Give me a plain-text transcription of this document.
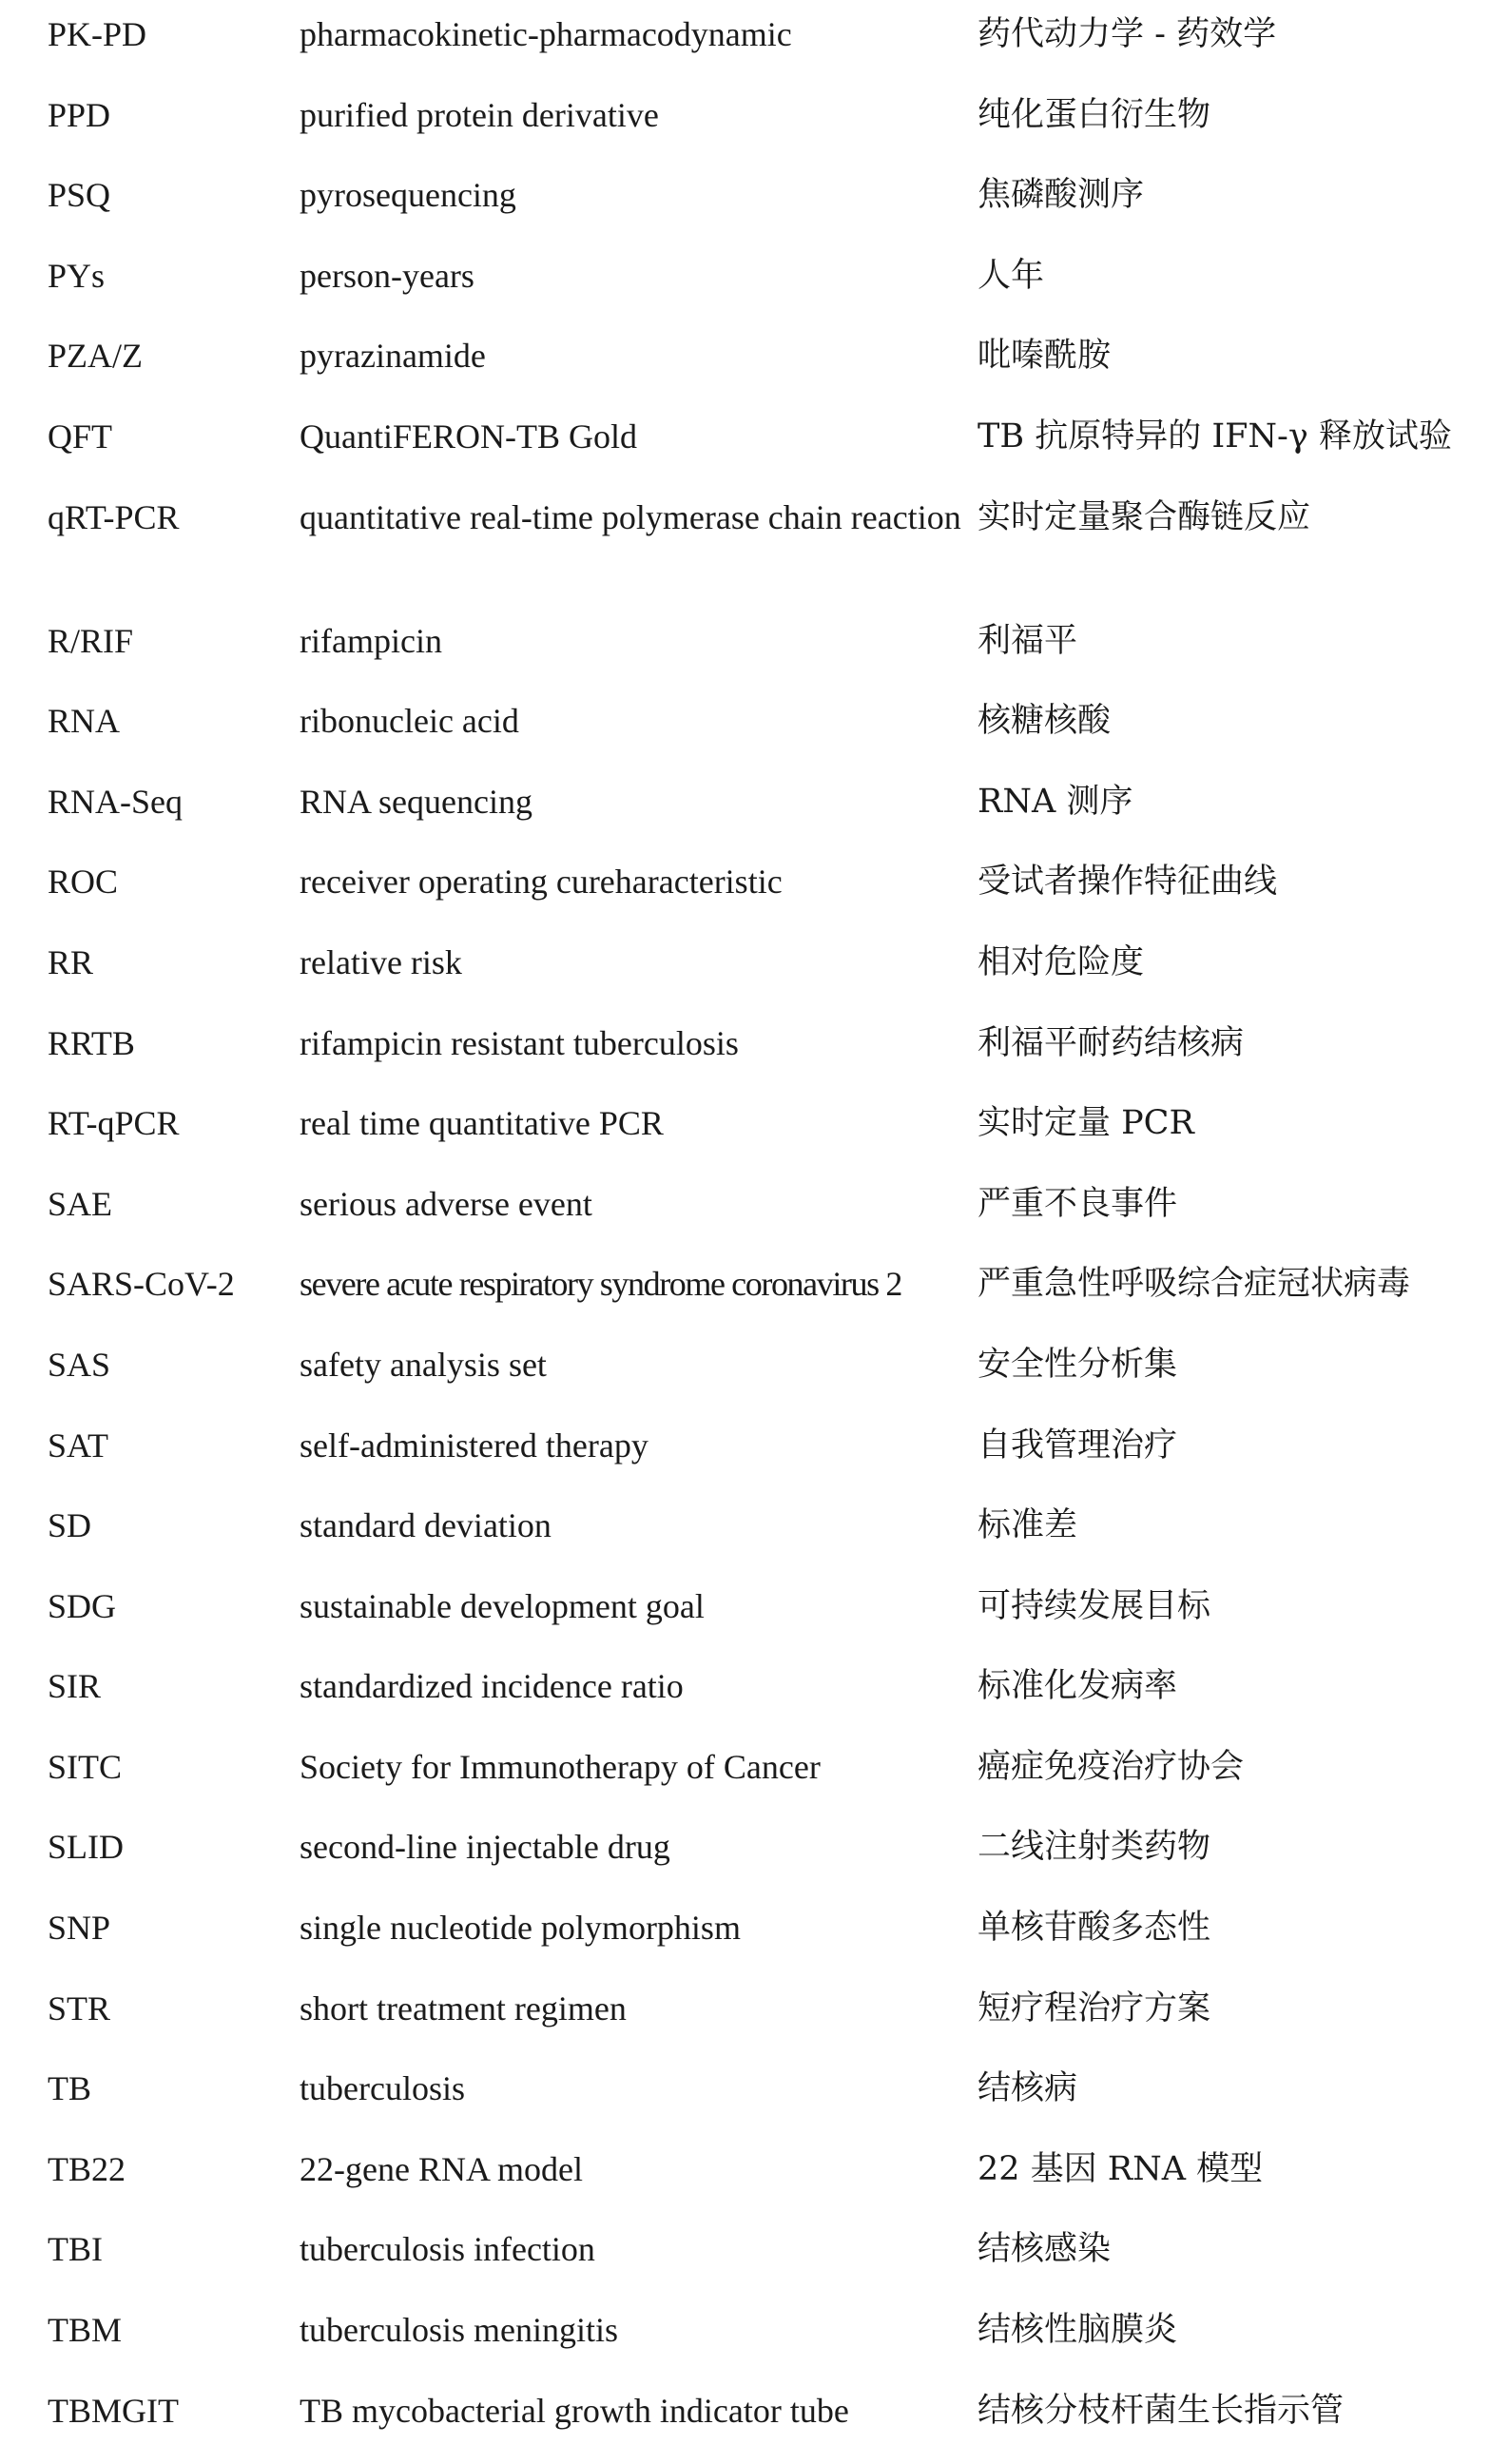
PK-PD	pharmacokinetic-pharmacodynamic	药代动力学 - 药效学
PPD	purified protein derivative	纯化蛋白衍生物
PSQ	pyrosequencing	焦磷酸测序
PYs	person-years	人年
PZA/Z	pyrazinamide	吡嗪酰胺
QFT	QuantiFERON-TB Gold	TB 抗原特异的 IFN-γ 释放试验
qRT-PCR	quantitative real-time polymerase chain reaction 实时定量聚合酶链反应
R/RIF	rifampicin	利福平
RNA	ribonucleic acid	核糖核酸
RNA-Seq	RNA sequencing	RNA 测序
ROC	receiver operating cureharacteristic	受试者操作特征曲线
RR	relative risk	相对危险度
RRTB	rifampicin resistant tuberculosis	利福平耐药结核病
RT-qPCR	real time quantitative PCR	实时定量 PCR
SAE	serious adverse event	严重不良事件
SARS-CoV-2	severe acute respiratory syndrome coronavirus 2	严重急性呼吸综合症冠状病毒
SAS	safety analysis set	安全性分析集
SAT	self-administered therapy	自我管理治疗
SD	standard deviation	标准差
SDG	sustainable development goal	可持续发展目标
SIR	standardized incidence ratio	标准化发病率
SITC	Society for Immunotherapy of Cancer	癌症免疫治疗协会
SLID	second-line injectable drug	二线注射类药物
SNP	single nucleotide polymorphism	单核苷酸多态性
STR	short treatment regimen	短疗程治疗方案
TB	tuberculosis	结核病
TB22	22-gene RNA model	22 基因 RNA 模型
TBI	tuberculosis infection	结核感染
TBM	tuberculosis meningitis	结核性脑膜炎
TBMGIT	TB mycobacterial growth indicator tube	结核分枝杆菌生长指示管
